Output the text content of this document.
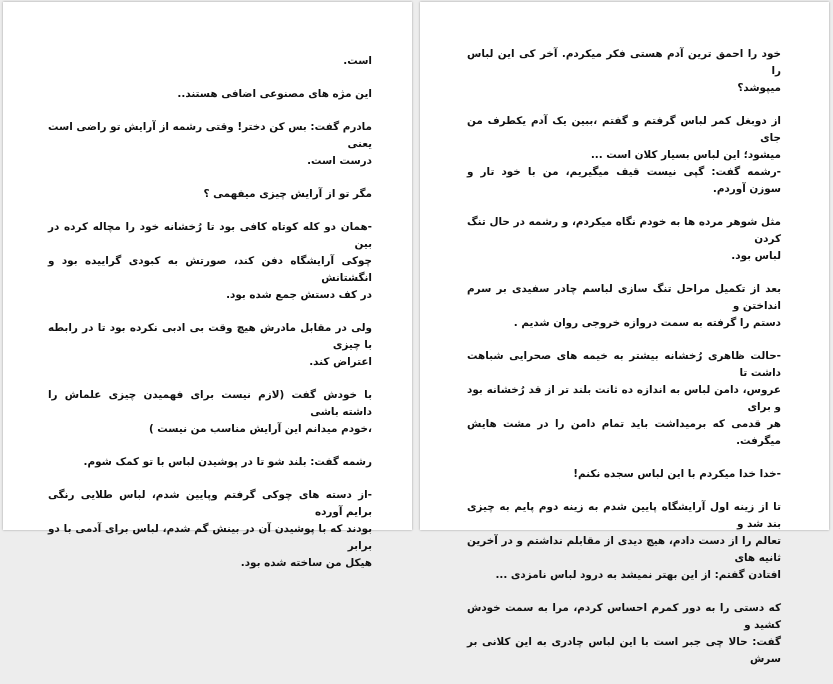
است.
این مژه های مصنوعی اضافی هستند..
مادرم گفت: بس کن دختر! وقتی رشمه از آرایش تو راضی است یعنی
درست است.
مگر تو از آرایش چیزی میفهمی ؟
-همان دو کله کوتاه کافی بود تا رُخشانه خود را مچاله کرده در بین
چوکی آرایشگاه دفن کند، صورتش به کبودی گراییده بود و انگشتانش
در کف دستش جمع شده بود.
ولی در مقابل مادرش هیچ وقت بی ادبی نکرده بود تا در رابطه با چیزی
اعتراض کند.
با خودش گفت (لازم نیست برای فهمیدن چیزی علماش را داشته باشی
،خودم میدانم این آرایش مناسب من نیست )
رشمه گفت: بلند شو تا در پوشیدن لباس با تو کمک شوم.
-از دسته های چوکی گرفتم وپایین شدم، لباس طلایی رنگی برایم آورده
بودند که با پوشیدن آن در بینش گم شدم، لباس برای آدمی با دو برابر
هیکل من ساخته شده بود.
خود را احمق ترین آدم هستی فکر میکردم. آخر کی این لباس را
میپوشد؟
از دوبغل کمر لباس گرفتم و گفتم ،ببین یک آدم یکطرف من جای
میشود؛ این لباس بسیار کلان است ...
-رشمه گفت: گپی نیست قیف میگیریم، من با خود تار و سوزن آوردم.
مثل شوهر مرده ها به خودم نگاه میکردم، و رشمه در حال تنگ کردن
لباس بود.
بعد از تکمیل مراحل تنگ سازی لباسم چادر سفیدی بر سرم انداختن و
دستم را گرفته به سمت دروازه خروجی روان شدیم .
-حالت ظاهری رُخشانه بیشتر به خیمه های صحرایی شباهت داشت تا
عروس، دامن لباس به اندازه ده ثانت بلند تر از قد رُخشانه بود و برای
هر قدمی که برمیداشت باید تمام دامن را در مشت هایش میگرفت.
-خدا خدا میکردم با این لباس سجده نکنم!
تا از زینه اول آرایشگاه پایین شدم به زینه دوم پایم به چیزی بند شد و
تعالم را از دست دادم، هیچ دیدی از مقابلم نداشتم و در آخرین ثانیه های
افتادن گفتم: از این بهتر نمیشد به درود لباس نامزدی ...
که دستی را به دور کمرم احساس کردم، مرا به سمت خودش کشید و
گفت: حالا چی جبر است با این لباس چادری به این کلانی بر سرش
